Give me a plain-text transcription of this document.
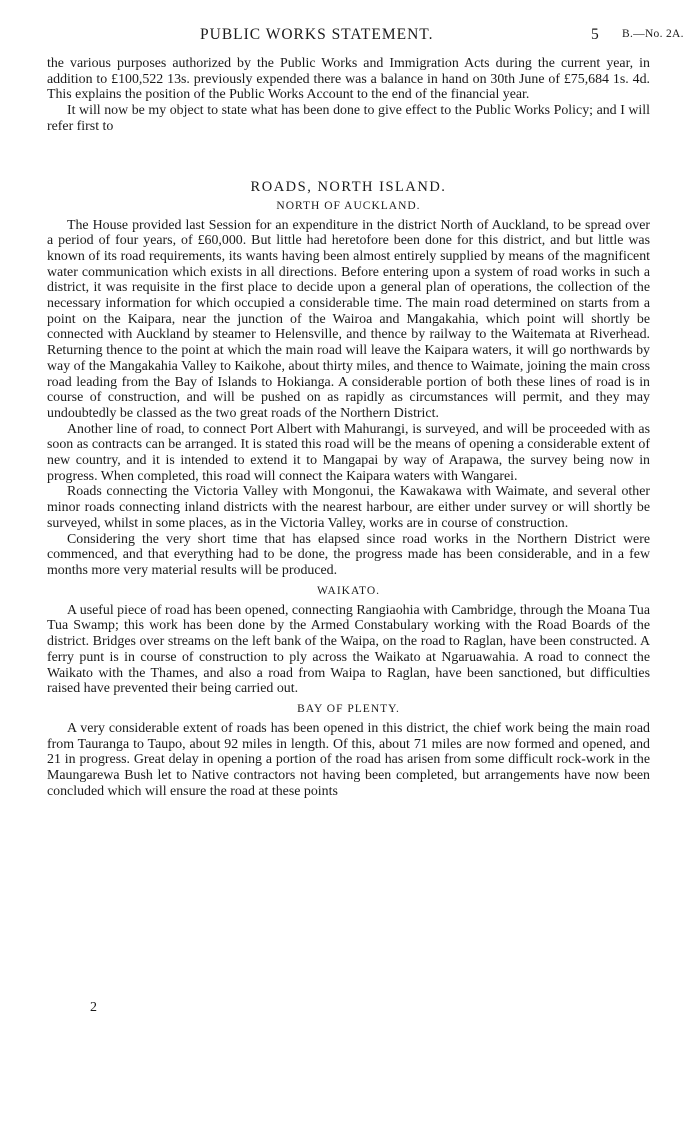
PUBLIC WORKS STATEMENT.	5 B.—No. 2A.

the various purposes authorized by the Public Works and Immigration Acts during the current year, in addition to £100,522 13s. previously expended there was a balance in hand on 30th June of £75,684 1s. 4d. This explains the position of the Public Works Account to the end of the financial year.

It will now be my object to state what has been done to give effect to the Public Works Policy; and I will refer first to

ROADS, NORTH ISLAND.
NORTH OF AUCKLAND.

The House provided last Session for an expenditure in the district North of Auckland, to be spread over a period of four years, of £60,000. But little had heretofore been done for this district, and but little was known of its road requirements, its wants having been almost entirely supplied by means of the magnificent water communication which exists in all directions. Before entering upon a system of road works in such a district, it was requisite in the first place to decide upon a general plan of operations, the collection of the necessary information for which occupied a considerable time. The main road determined on starts from a point on the Kaipara, near the junction of the Wairoa and Mangakahia, which point will shortly be connected with Auckland by steamer to Helensville, and thence by railway to the Waitemata at Riverhead. Returning thence to the point at which the main road will leave the Kaipara waters, it will go northwards by way of the Mangakahia Valley to Kaikohe, about thirty miles, and thence to Waimate, joining the main cross road leading from the Bay of Islands to Hokianga. A considerable portion of both these lines of road is in course of construction, and will be pushed on as rapidly as circumstances will permit, and they may undoubtedly be classed as the two great roads of the Northern District.

Another line of road, to connect Port Albert with Mahurangi, is surveyed, and will be proceeded with as soon as contracts can be arranged. It is stated this road will be the means of opening a considerable extent of new country, and it is intended to extend it to Mangapai by way of Arapawa, the survey being now in progress. When completed, this road will connect the Kaipara waters with Wangarei.

Roads connecting the Victoria Valley with Mongonui, the Kawakawa with Waimate, and several other minor roads connecting inland districts with the nearest harbour, are either under survey or will shortly be surveyed, whilst in some places, as in the Victoria Valley, works are in course of construction.

Considering the very short time that has elapsed since road works in the Northern District were commenced, and that everything had to be done, the progress made has been considerable, and in a few months more very material results will be produced.

WAIKATO.

A useful piece of road has been opened, connecting Rangiaohia with Cambridge, through the Moana Tua Tua Swamp; this work has been done by the Armed Constabulary working with the Road Boards of the district. Bridges over streams on the left bank of the Waipa, on the road to Raglan, have been constructed. A ferry punt is in course of construction to ply across the Waikato at Ngaruawahia. A road to connect the Waikato with the Thames, and also a road from Waipa to Raglan, have been sanctioned, but difficulties raised have prevented their being carried out.

BAY OF PLENTY.

A very considerable extent of roads has been opened in this district, the chief work being the main road from Tauranga to Taupo, about 92 miles in length. Of this, about 71 miles are now formed and opened, and 21 in progress. Great delay in opening a portion of the road has arisen from some difficult rock-work in the Maungarewa Bush let to Native contractors not having been completed, but arrangements have now been concluded which will ensure the road at these points

2
